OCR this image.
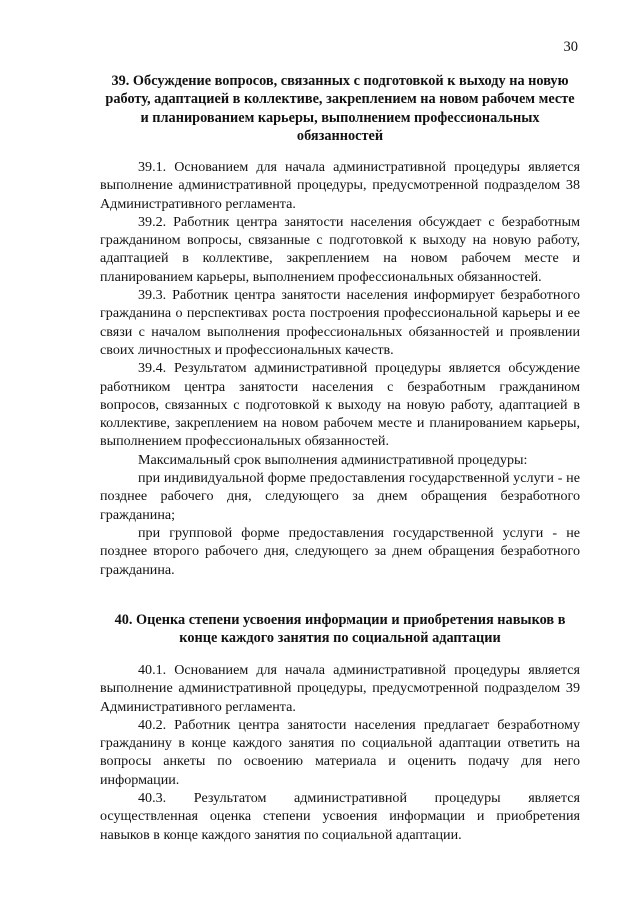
30
39. Обсуждение вопросов, связанных с подготовкой к выходу на новую работу, адаптацией в коллективе, закреплением на новом рабочем месте и планированием карьеры, выполнением профессиональных обязанностей

39.1. Основанием для начала административной процедуры является выполнение административной процедуры, предусмотренной подразделом 38 Административного регламента.

39.2. Работник центра занятости населения обсуждает с безработным гражданином вопросы, связанные с подготовкой к выходу на новую работу, адаптацией в коллективе, закреплением на новом рабочем месте и планированием карьеры, выполнением профессиональных обязанностей.

39.3. Работник центра занятости населения информирует безработного гражданина о перспективах роста построения профессиональной карьеры и ее связи с началом выполнения профессиональных обязанностей и проявлении своих личностных и профессиональных качеств.

39.4. Результатом административной процедуры является обсуждение работником центра занятости населения с безработным гражданином вопросов, связанных с подготовкой к выходу на новую работу, адаптацией в коллективе, закреплением на новом рабочем месте и планированием карьеры, выполнением профессиональных обязанностей.

Максимальный срок выполнения административной процедуры:

при индивидуальной форме предоставления государственной услуги - не позднее рабочего дня, следующего за днем обращения безработного гражданина;

при групповой форме предоставления государственной услуги - не позднее второго рабочего дня, следующего за днем обращения безработного гражданина.

40. Оценка степени усвоения информации и приобретения навыков в конце каждого занятия по социальной адаптации

40.1. Основанием для начала административной процедуры является выполнение административной процедуры, предусмотренной подразделом 39 Административного регламента.

40.2. Работник центра занятости населения предлагает безработному гражданину в конце каждого занятия по социальной адаптации ответить на вопросы анкеты по освоению материала и оценить подачу для него информации.

40.3. Результатом административной процедуры является осуществленная оценка степени усвоения информации и приобретения навыков в конце каждого занятия по социальной адаптации.
